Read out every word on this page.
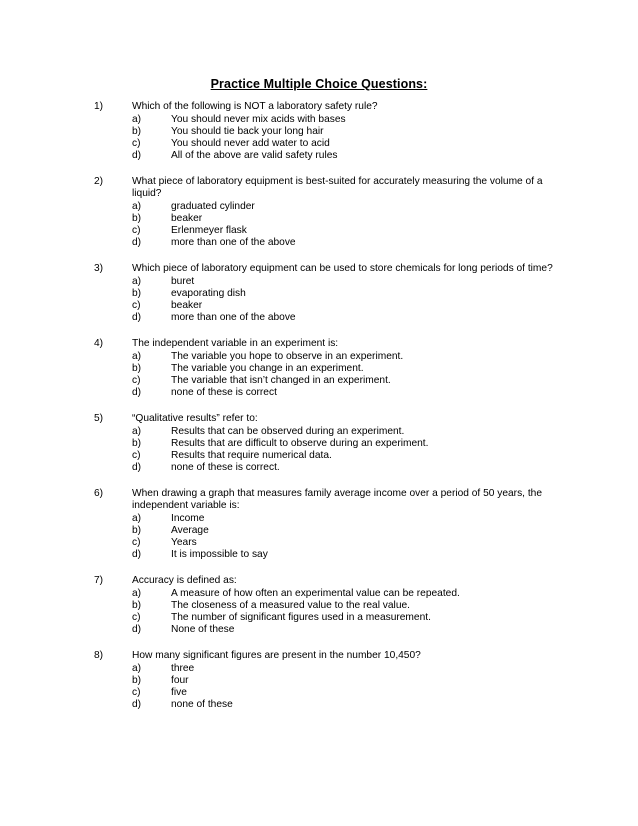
Practice Multiple Choice Questions:
1)	Which of the following is NOT a laboratory safety rule?
a)	You should never mix acids with bases
b)	You should tie back your long hair
c)	You should never add water to acid
d)	All of the above are valid safety rules
2)	What piece of laboratory equipment is best-suited for accurately measuring the volume of a liquid?
a)	graduated cylinder
b)	beaker
c)	Erlenmeyer flask
d)	more than one of the above
3)	Which piece of laboratory equipment can be used to store chemicals for long periods of time?
a)	buret
b)	evaporating dish
c)	beaker
d)	more than one of the above
4)	The independent variable in an experiment is:
a)	The variable you hope to observe in an experiment.
b)	The variable you change in an experiment.
c)	The variable that isn’t changed in an experiment.
d)	none of these is correct
5)	“Qualitative results” refer to:
a)	Results that can be observed during an experiment.
b)	Results that are difficult to observe during an experiment.
c)	Results that require numerical data.
d)	none of these is correct.
6)	When drawing a graph that measures family average income over a period of 50 years, the independent variable is:
a)	Income
b)	Average
c)	Years
d)	It is impossible to say
7)	Accuracy is defined as:
a)	A measure of how often an experimental value can be repeated.
b)	The closeness of a measured value to the real value.
c)	The number of significant figures used in a measurement.
d)	None of these
8)	How many significant figures are present in the number 10,450?
a)	three
b)	four
c)	five
d)	none of these
